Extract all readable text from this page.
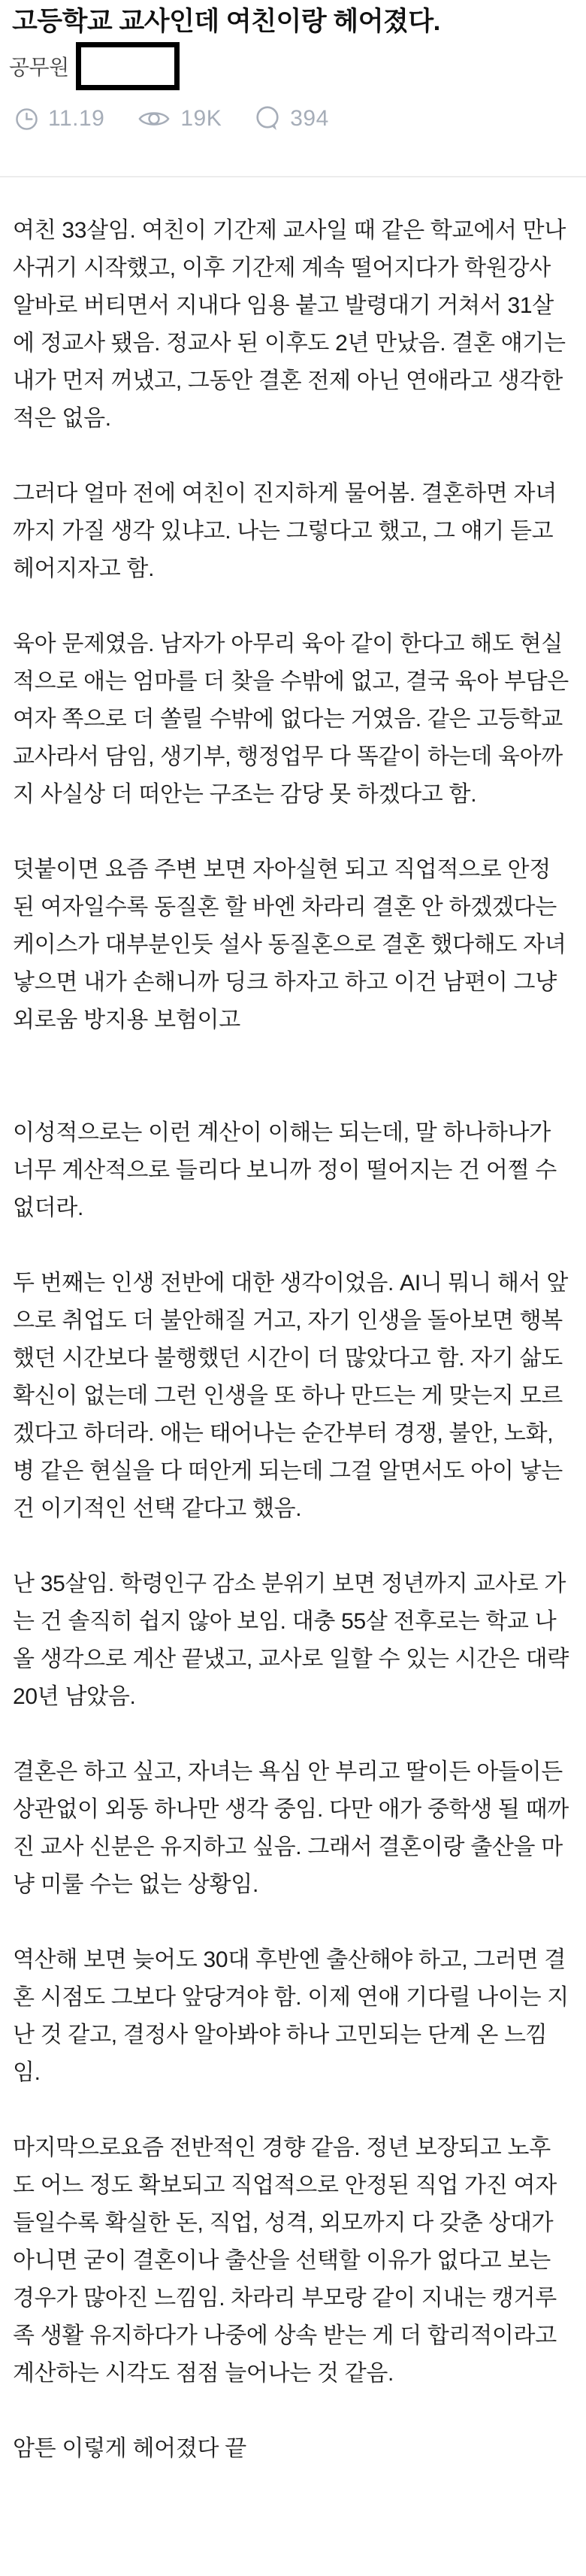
고등학교 교사인데 여친이랑 헤어졌다.
공무원
11.19	19K	394

여친 33살임. 여친이 기간제 교사일 때 같은 학교에서 만나 사귀기 시작했고, 이후 기간제 계속 떨어지다가 학원강사 알바로 버티면서 지내다 임용 붙고 발령대기 거쳐서 31살에 정교사 됐음. 정교사 된 이후도 2년 만났음. 결혼 얘기는 내가 먼저 꺼냈고, 그동안 결혼 전제 아닌 연애라고 생각한 적은 없음.

그러다 얼마 전에 여친이 진지하게 물어봄. 결혼하면 자녀까지 가질 생각 있냐고. 나는 그렇다고 했고, 그 얘기 듣고 헤어지자고 함.

육아 문제였음. 남자가 아무리 육아 같이 한다고 해도 현실적으로 애는 엄마를 더 찾을 수밖에 없고, 결국 육아 부담은 여자 쪽으로 더 쏠릴 수밖에 없다는 거였음. 같은 고등학교 교사라서 담임, 생기부, 행정업무 다 똑같이 하는데 육아까지 사실상 더 떠안는 구조는 감당 못 하겠다고 함.

덧붙이면 요즘 주변 보면 자아실현 되고 직업적으로 안정된 여자일수록 동질혼 할 바엔 차라리 결혼 안 하겠겠다는 케이스가 대부분인듯 설사 동질혼으로 결혼 했다해도 자녀 낳으면 내가 손해니까 딩크 하자고 하고 이건 남편이 그냥 외로움 방지용 보험이고

이성적으로는 이런 계산이 이해는 되는데, 말 하나하나가 너무 계산적으로 들리다 보니까 정이 떨어지는 건 어쩔 수 없더라.

두 번째는 인생 전반에 대한 생각이었음. AI니 뭐니 해서 앞으로 취업도 더 불안해질 거고, 자기 인생을 돌아보면 행복했던 시간보다 불행했던 시간이 더 많았다고 함. 자기 삶도 확신이 없는데 그런 인생을 또 하나 만드는 게 맞는지 모르겠다고 하더라. 애는 태어나는 순간부터 경쟁, 불안, 노화, 병 같은 현실을 다 떠안게 되는데 그걸 알면서도 아이 낳는 건 이기적인 선택 같다고 했음.

난 35살임. 학령인구 감소 분위기 보면 정년까지 교사로 가는 건 솔직히 쉽지 않아 보임. 대충 55살 전후로는 학교 나올 생각으로 계산 끝냈고, 교사로 일할 수 있는 시간은 대략 20년 남았음.

결혼은 하고 싶고, 자녀는 욕심 안 부리고 딸이든 아들이든 상관없이 외동 하나만 생각 중임. 다만 애가 중학생 될 때까진 교사 신분은 유지하고 싶음. 그래서 결혼이랑 출산을 마냥 미룰 수는 없는 상황임.

역산해 보면 늦어도 30대 후반엔 출산해야 하고, 그러면 결혼 시점도 그보다 앞당겨야 함. 이제 연애 기다릴 나이는 지난 것 같고, 결정사 알아봐야 하나 고민되는 단계 온 느낌임.

마지막으로요즘 전반적인 경향 같음. 정년 보장되고 노후도 어느 정도 확보되고 직업적으로 안정된 직업 가진 여자들일수록 확실한 돈, 직업, 성격, 외모까지 다 갖춘 상대가 아니면 굳이 결혼이나 출산을 선택할 이유가 없다고 보는 경우가 많아진 느낌임. 차라리 부모랑 같이 지내는 캥거루족 생활 유지하다가 나중에 상속 받는 게 더 합리적이라고 계산하는 시각도 점점 늘어나는 것 같음.

암튼 이렇게 헤어졌다 끝
